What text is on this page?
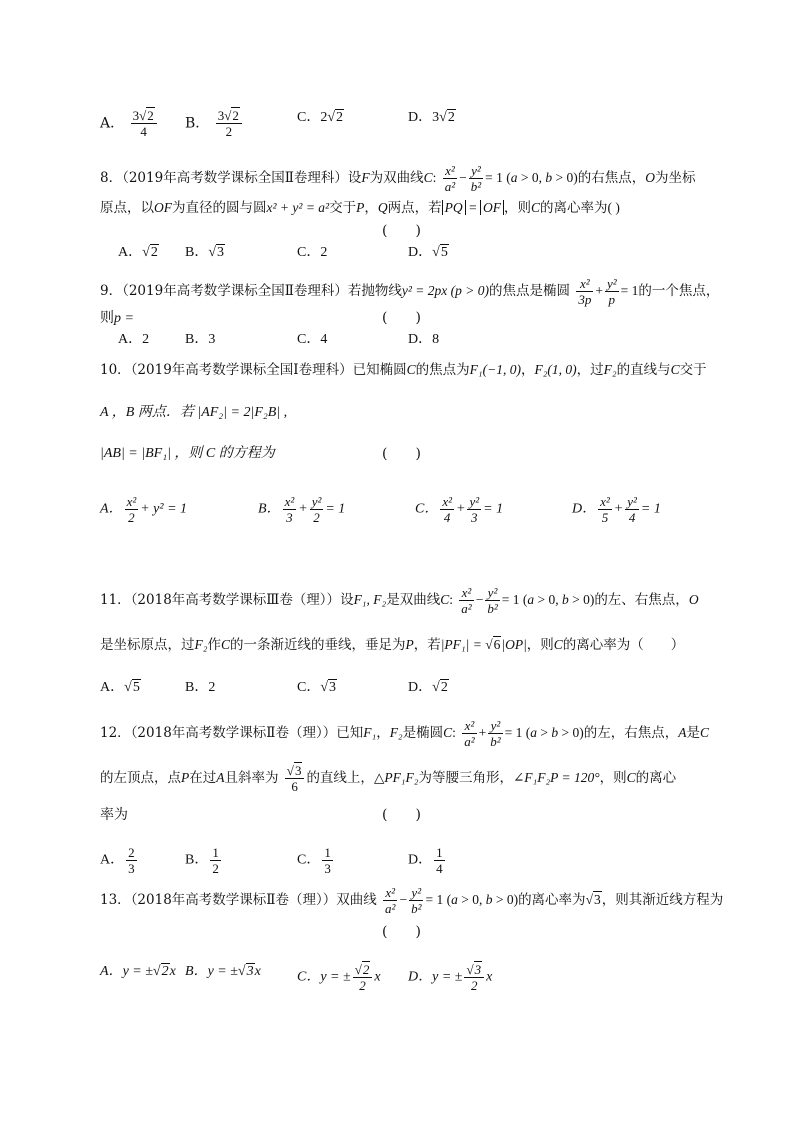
A． $\frac{3√2}{4}$ B． $\frac{3√2}{2}$	C．2√2	D．3√2
8．（2019年高考数学课标全国Ⅱ卷理科）设F为双曲线C: $\frac{\text{x²}}{\text{a²}} - \frac{\text{y²}}{\text{b²}} = 1$ (a > 0, b > 0)的右焦点，O为坐标
原点，以OF为直径的圆与圆x² + y² = a²交于P，Q两点，若 PQ = OF ，则C的离心率为( )
(　　)
A．√2 B．√3	C．2	D．√5
9．（2019年高考数学课标全国Ⅱ卷理科）若抛物线y² = 2px (p > 0)的焦点是椭圆 $\frac{\text{x²}}{3p} + \frac{\text{y²}}{p} = 1$的一个焦点，
则p =	(　　)
A．2	B．3	C．4	D．8
10．（2019年高考数学课标全国Ⅰ卷理科）已知椭圆C的焦点为F₁(−1, 0)，F₂(1, 0)，过F₂的直线与C交于
A ，B 两点．若 |AF₂| = 2|F₂B| ,
|AB| = |BF₁| ，则 C 的方程为	(　　)
A． $\frac{\text{x²}}{2} + y^2 = 1$	B． $\frac{\text{x²}}{3} + \frac{\text{y²}}{2} = 1$	C． $\frac{\text{x²}}{4} + \frac{\text{y²}}{3} = 1$	D． $\frac{\text{x²}}{5} + \frac{\text{y²}}{4} = 1$
11．（2018年高考数学课标Ⅲ卷（理））设F₁, F₂是双曲线C: $\frac{\text{x²}}{\text{a²}} - \frac{\text{y²}}{\text{b²}} = 1$ (a > 0, b > 0)的左、右焦点，O
是坐标原点，过F₂作C的一条渐近线的垂线，垂足为P，若|PF₁| = √6|OP|，则C的离心率为（　　）
A．√5	B．2	C．√3	D．√2
12．（2018年高考数学课标Ⅱ卷（理））已知F₁，F₂是椭圆C: $\frac{\text{x²}}{\text{a²}} + \frac{\text{y²}}{\text{b²}} = 1$ (a > b > 0)的左，右焦点，A是C
的左顶点，点P在过A且斜率为 $\frac{√3}{6}$ 的直线上，△PF₁F₂为等腰三角形，∠F₁F₂P = 120°，则C的离心
率为	(　　)
A． $\frac{2}{3}$	B． $\frac{1}{2}$	C． $\frac{1}{3}$	D． $\frac{1}{4}$
13．（2018年高考数学课标Ⅱ卷（理））双曲线 $\frac{\text{x²}}{\text{a²}} - \frac{\text{y²}}{\text{b²}} = 1$ (a > 0, b > 0)的离心率为√3，则其渐近线方程为
(　　)
A．y = ±√2x B．y = ±√3x	C．y = ± $\frac{√2}{2}$ x D．y = ± $\frac{√3}{2}$ x
